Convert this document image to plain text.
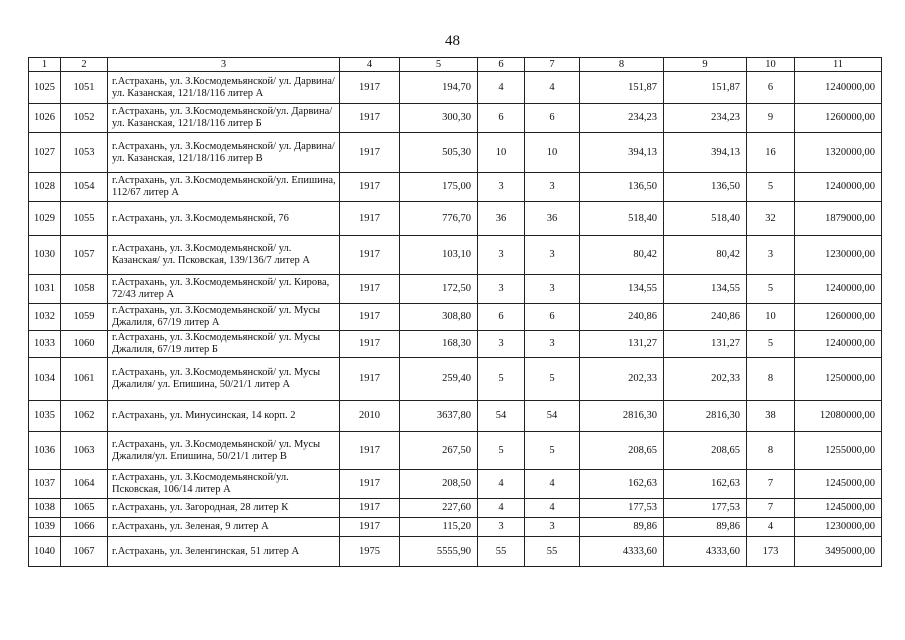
48
1	2	3	4	5	6	7	8	9	10	11
1025	1051	г.Астрахань, ул. З.Космодемьянской/ ул. Дарвина/ул. Казанская, 121/18/116 литер А	1917	194,70	4	4	151,87	151,87	6	1240000,00
1026	1052	г.Астрахань, ул. З.Космодемьянской/ул. Дарвина/ ул. Казанская, 121/18/116 литер Б	1917	300,30	6	6	234,23	234,23	9	1260000,00
1027	1053	г.Астрахань, ул. З.Космодемьянской/ ул. Дарвина/ ул. Казанская, 121/18/116 литер В	1917	505,30	10	10	394,13	394,13	16	1320000,00
1028	1054	г.Астрахань, ул. З.Космодемьянской/ул. Епишина, 112/67 литер А	1917	175,00	3	3	136,50	136,50	5	1240000,00
1029	1055	г.Астрахань, ул. З.Космодемьянской, 76	1917	776,70	36	36	518,40	518,40	32	1879000,00
1030	1057	г.Астрахань, ул. З.Космодемьянской/ ул. Казанская/ ул. Псковская, 139/136/7 литер А	1917	103,10	3	3	80,42	80,42	3	1230000,00
1031	1058	г.Астрахань, ул. З.Космодемьянской/ ул. Кирова, 72/43 литер А	1917	172,50	3	3	134,55	134,55	5	1240000,00
1032	1059	г.Астрахань, ул. З.Космодемьянской/ ул. Мусы Джалиля, 67/19 литер А	1917	308,80	6	6	240,86	240,86	10	1260000,00
1033	1060	г.Астрахань, ул. З.Космодемьянской/ ул. Мусы Джалиля, 67/19 литер Б	1917	168,30	3	3	131,27	131,27	5	1240000,00
1034	1061	г.Астрахань, ул. З.Космодемьянской/ ул. Мусы Джалиля/ ул. Епишина, 50/21/1 литер А	1917	259,40	5	5	202,33	202,33	8	1250000,00
1035	1062	г.Астрахань, ул. Минусинская, 14 корп. 2	2010	3637,80	54	54	2816,30	2816,30	38	12080000,00
1036	1063	г.Астрахань, ул. З.Космодемьянской/ ул. Мусы Джалиля/ул. Епишина, 50/21/1 литер В	1917	267,50	5	5	208,65	208,65	8	1255000,00
1037	1064	г.Астрахань, ул. З.Космодемьянской/ул. Псковская, 106/14 литер А	1917	208,50	4	4	162,63	162,63	7	1245000,00
1038	1065	г.Астрахань, ул. Загородная, 28 литер К	1917	227,60	4	4	177,53	177,53	7	1245000,00
1039	1066	г.Астрахань, ул. Зеленая, 9 литер А	1917	115,20	3	3	89,86	89,86	4	1230000,00
1040	1067	г.Астрахань, ул. Зеленгинская, 51 литер А	1975	5555,90	55	55	4333,60	4333,60	173	3495000,00
